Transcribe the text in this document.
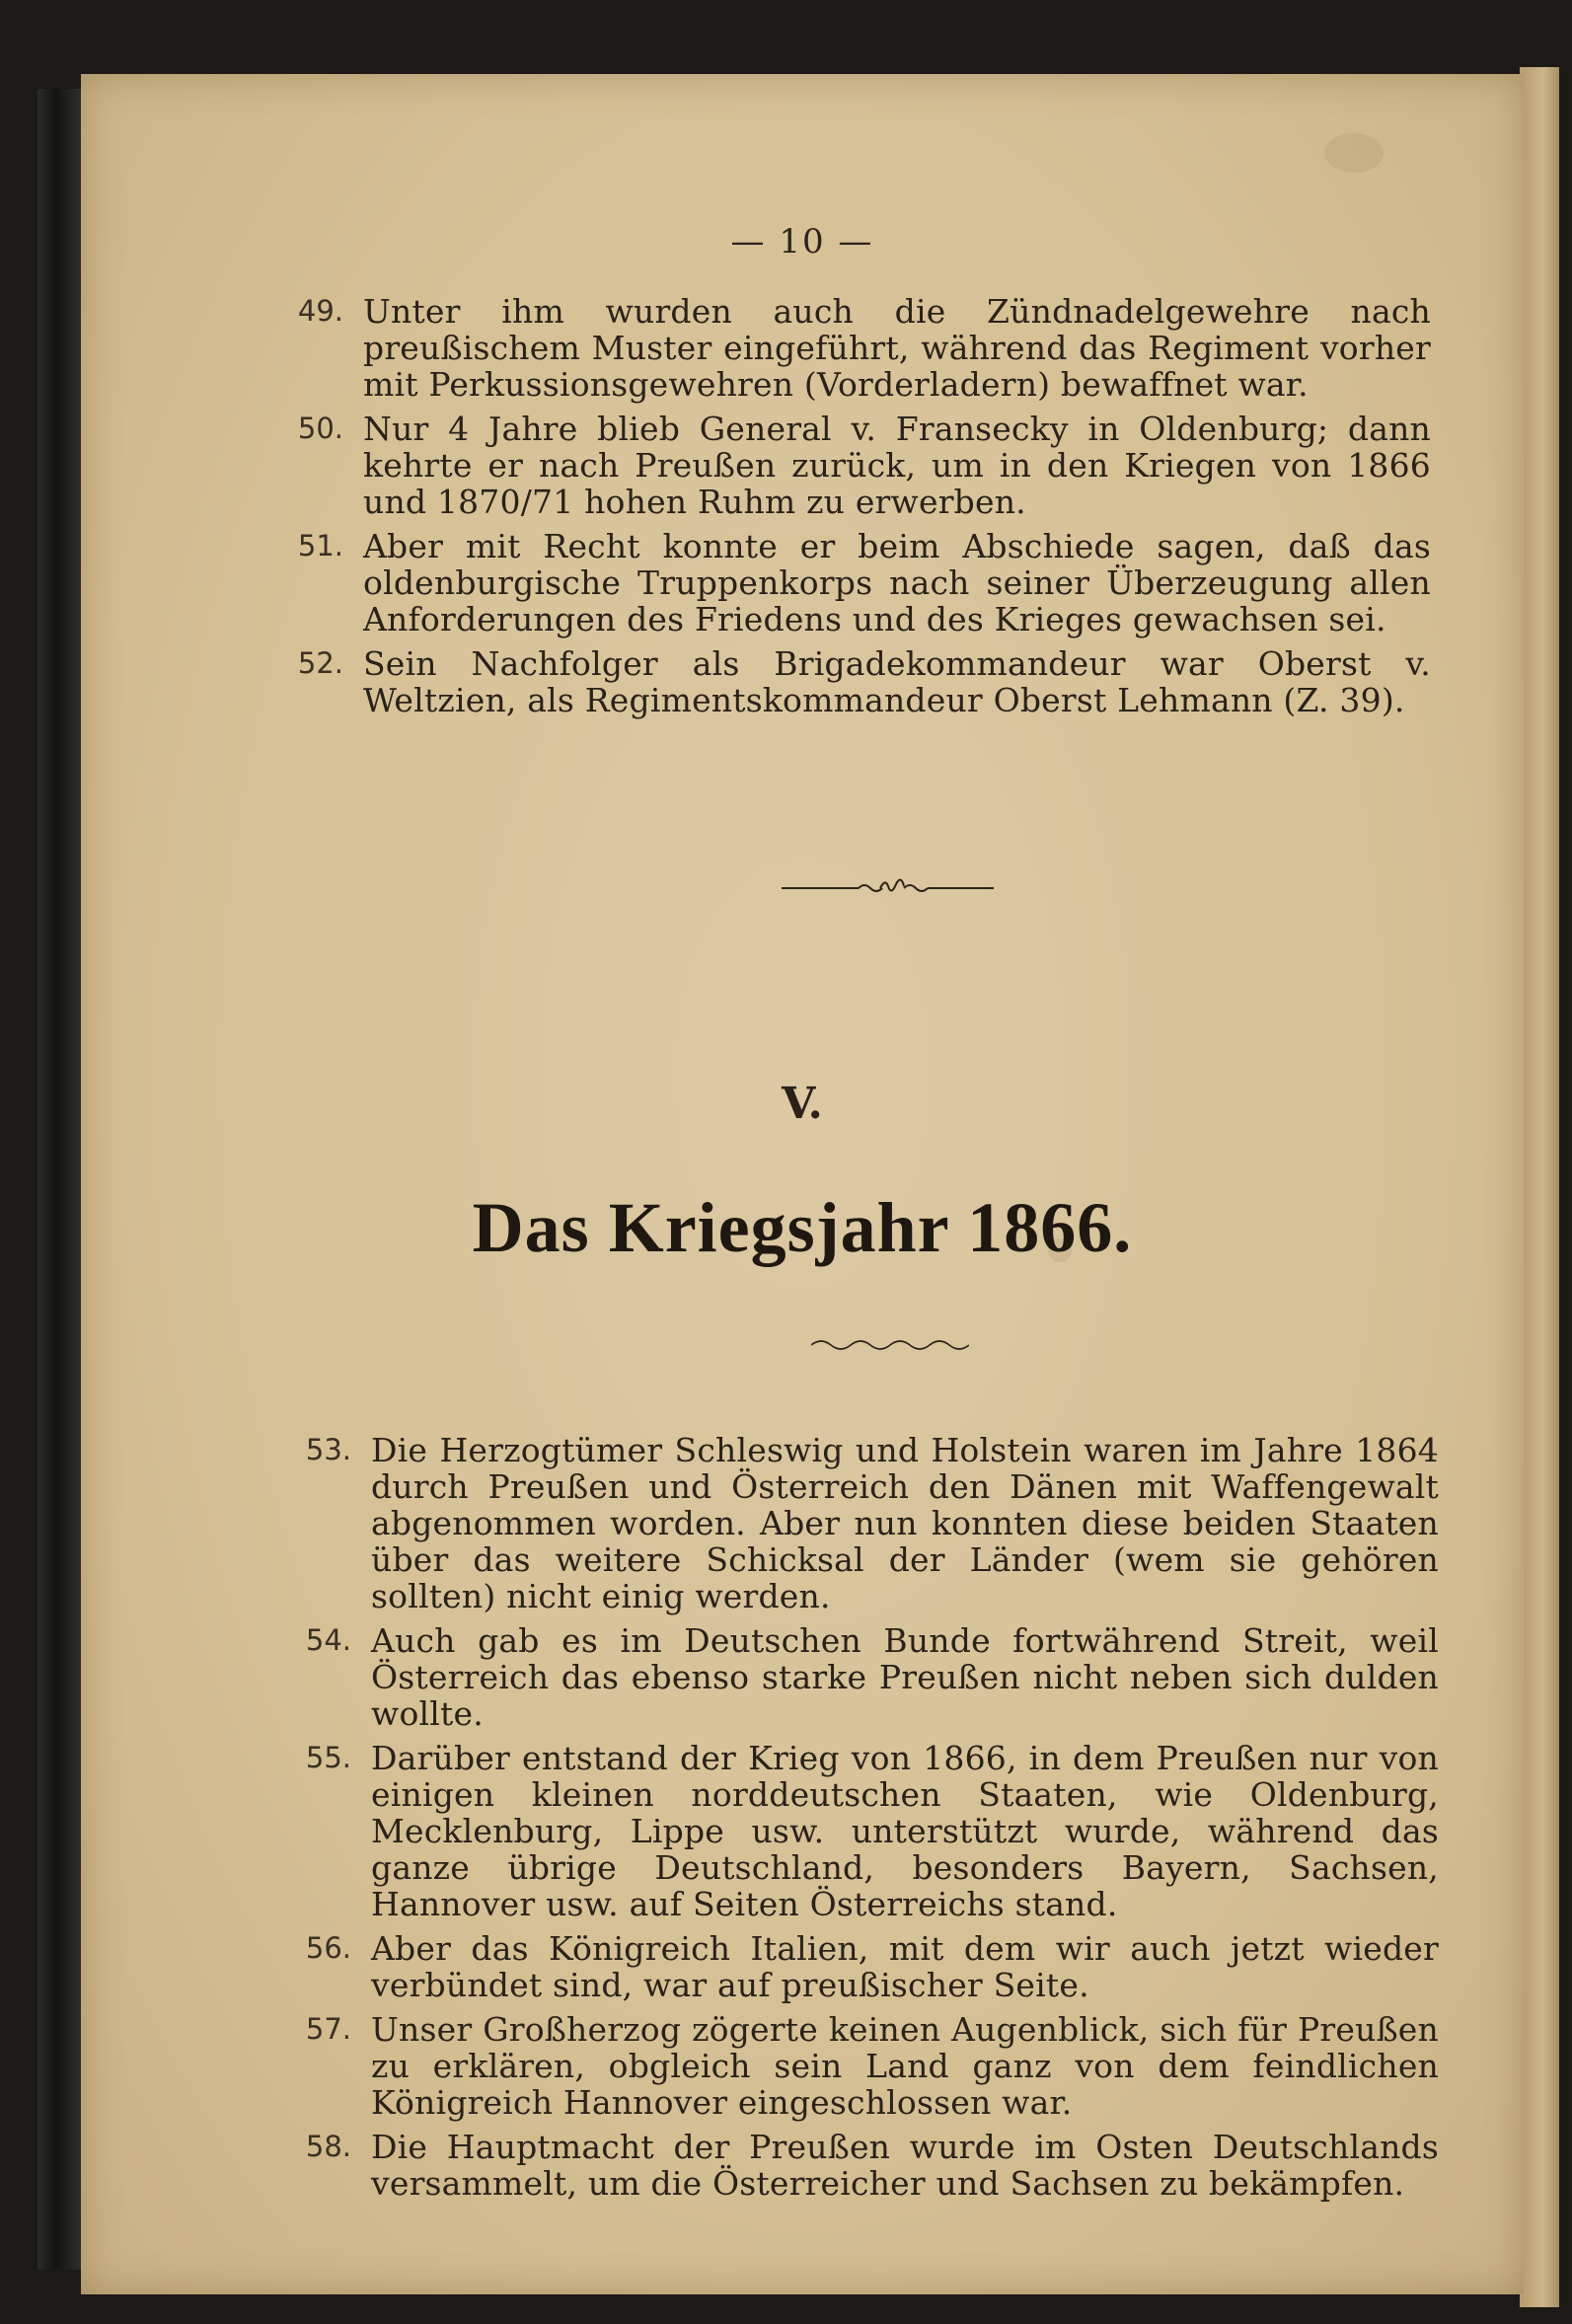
— 10 —
49. Unter ihm wurden auch die Zündnadelgewehre nach preußischem Muster eingeführt, während das Regiment vorher mit Perkussionsgewehren (Vorderladern) bewaffnet war.
50. Nur 4 Jahre blieb General v. Fransecky in Oldenburg; dann kehrte er nach Preußen zurück, um in den Kriegen von 1866 und 1870/71 hohen Ruhm zu erwerben.
51. Aber mit Recht konnte er beim Abschiede sagen, daß das oldenburgische Truppenkorps nach seiner Überzeugung allen Anforderungen des Friedens und des Krieges gewachsen sei.
52. Sein Nachfolger als Brigadekommandeur war Oberst v. Weltzien, als Regimentskommandeur Oberst Lehmann (Z. 39).
V.
Das Kriegsjahr 1866.
53. Die Herzogtümer Schleswig und Holstein waren im Jahre 1864 durch Preußen und Österreich den Dänen mit Waffengewalt abgenommen worden. Aber nun konnten diese beiden Staaten über das weitere Schicksal der Länder (wem sie gehören sollten) nicht einig werden.
54. Auch gab es im Deutschen Bunde fortwährend Streit, weil Österreich das ebenso starke Preußen nicht neben sich dulden wollte.
55. Darüber entstand der Krieg von 1866, in dem Preußen nur von einigen kleinen norddeutschen Staaten, wie Oldenburg, Mecklenburg, Lippe usw. unterstützt wurde, während das ganze übrige Deutschland, besonders Bayern, Sachsen, Hannover usw. auf Seiten Österreichs stand.
56. Aber das Königreich Italien, mit dem wir auch jetzt wieder verbündet sind, war auf preußischer Seite.
57. Unser Großherzog zögerte keinen Augenblick, sich für Preußen zu erklären, obgleich sein Land ganz von dem feindlichen Königreich Hannover eingeschlossen war.
58. Die Hauptmacht der Preußen wurde im Osten Deutschlands versammelt, um die Österreicher und Sachsen zu bekämpfen.
